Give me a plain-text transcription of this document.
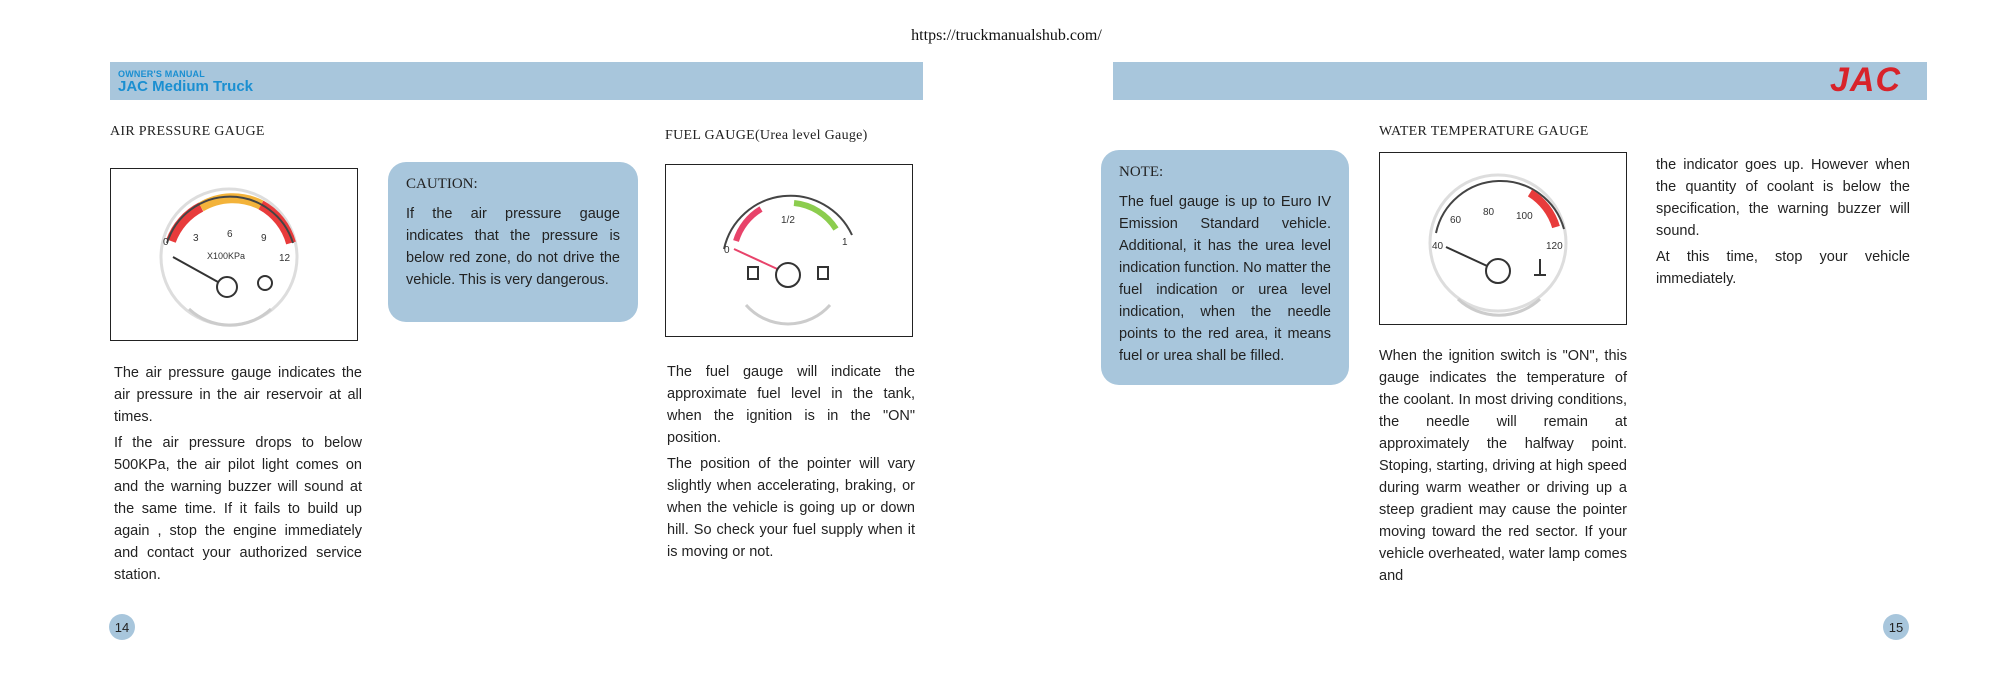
https://truckmanualshub.com/
OWNER'S MANUAL
JAC Medium Truck	JAC
AIR PRESSURE GAUGE
0 3	6	9
12
X100KPa

The air pressure gauge indicates the air pressure in the air reservoir at all times.

If the air pressure drops to below 500KPa, the air pilot light comes on and the warning buzzer will sound at the same time. If it fails to build up again , stop the engine immediately and contact your authorized service station.

CAUTION:
If the air pressure gauge indicates that the pressure is below red zone, do not drive the vehicle. This is very dangerous.
FUEL GAUGE(Urea level Gauge)
0
1/2
1

The fuel gauge will indicate the approximate fuel level in the tank, when the ignition is in the "ON" position.

The position of the pointer will vary slightly when accelerating, braking, or when the vehicle is going up or down hill. So check your fuel supply when it is moving or not.

14
NOTE:
The fuel gauge is up to Euro IV Emission Standard vehicle. Additional, it has the urea level indication function. No matter the fuel indication or urea level indication, when the needle points to the red area, it means fuel or urea shall be filled.
WATER TEMPERATURE GAUGE
40
60
80 100
120

When the ignition switch is "ON", this gauge indicates the temperature of the coolant. In most driving conditions, the needle will remain at approximately the halfway point. Stoping, starting, driving at high speed during warm weather or driving up a steep gradient may cause the pointer moving toward the red sector. If your vehicle overheated, water lamp comes and

the indicator goes up. However when the quantity of coolant is below the specification, the warning buzzer will sound.

At this time, stop your vehicle immediately.

15
